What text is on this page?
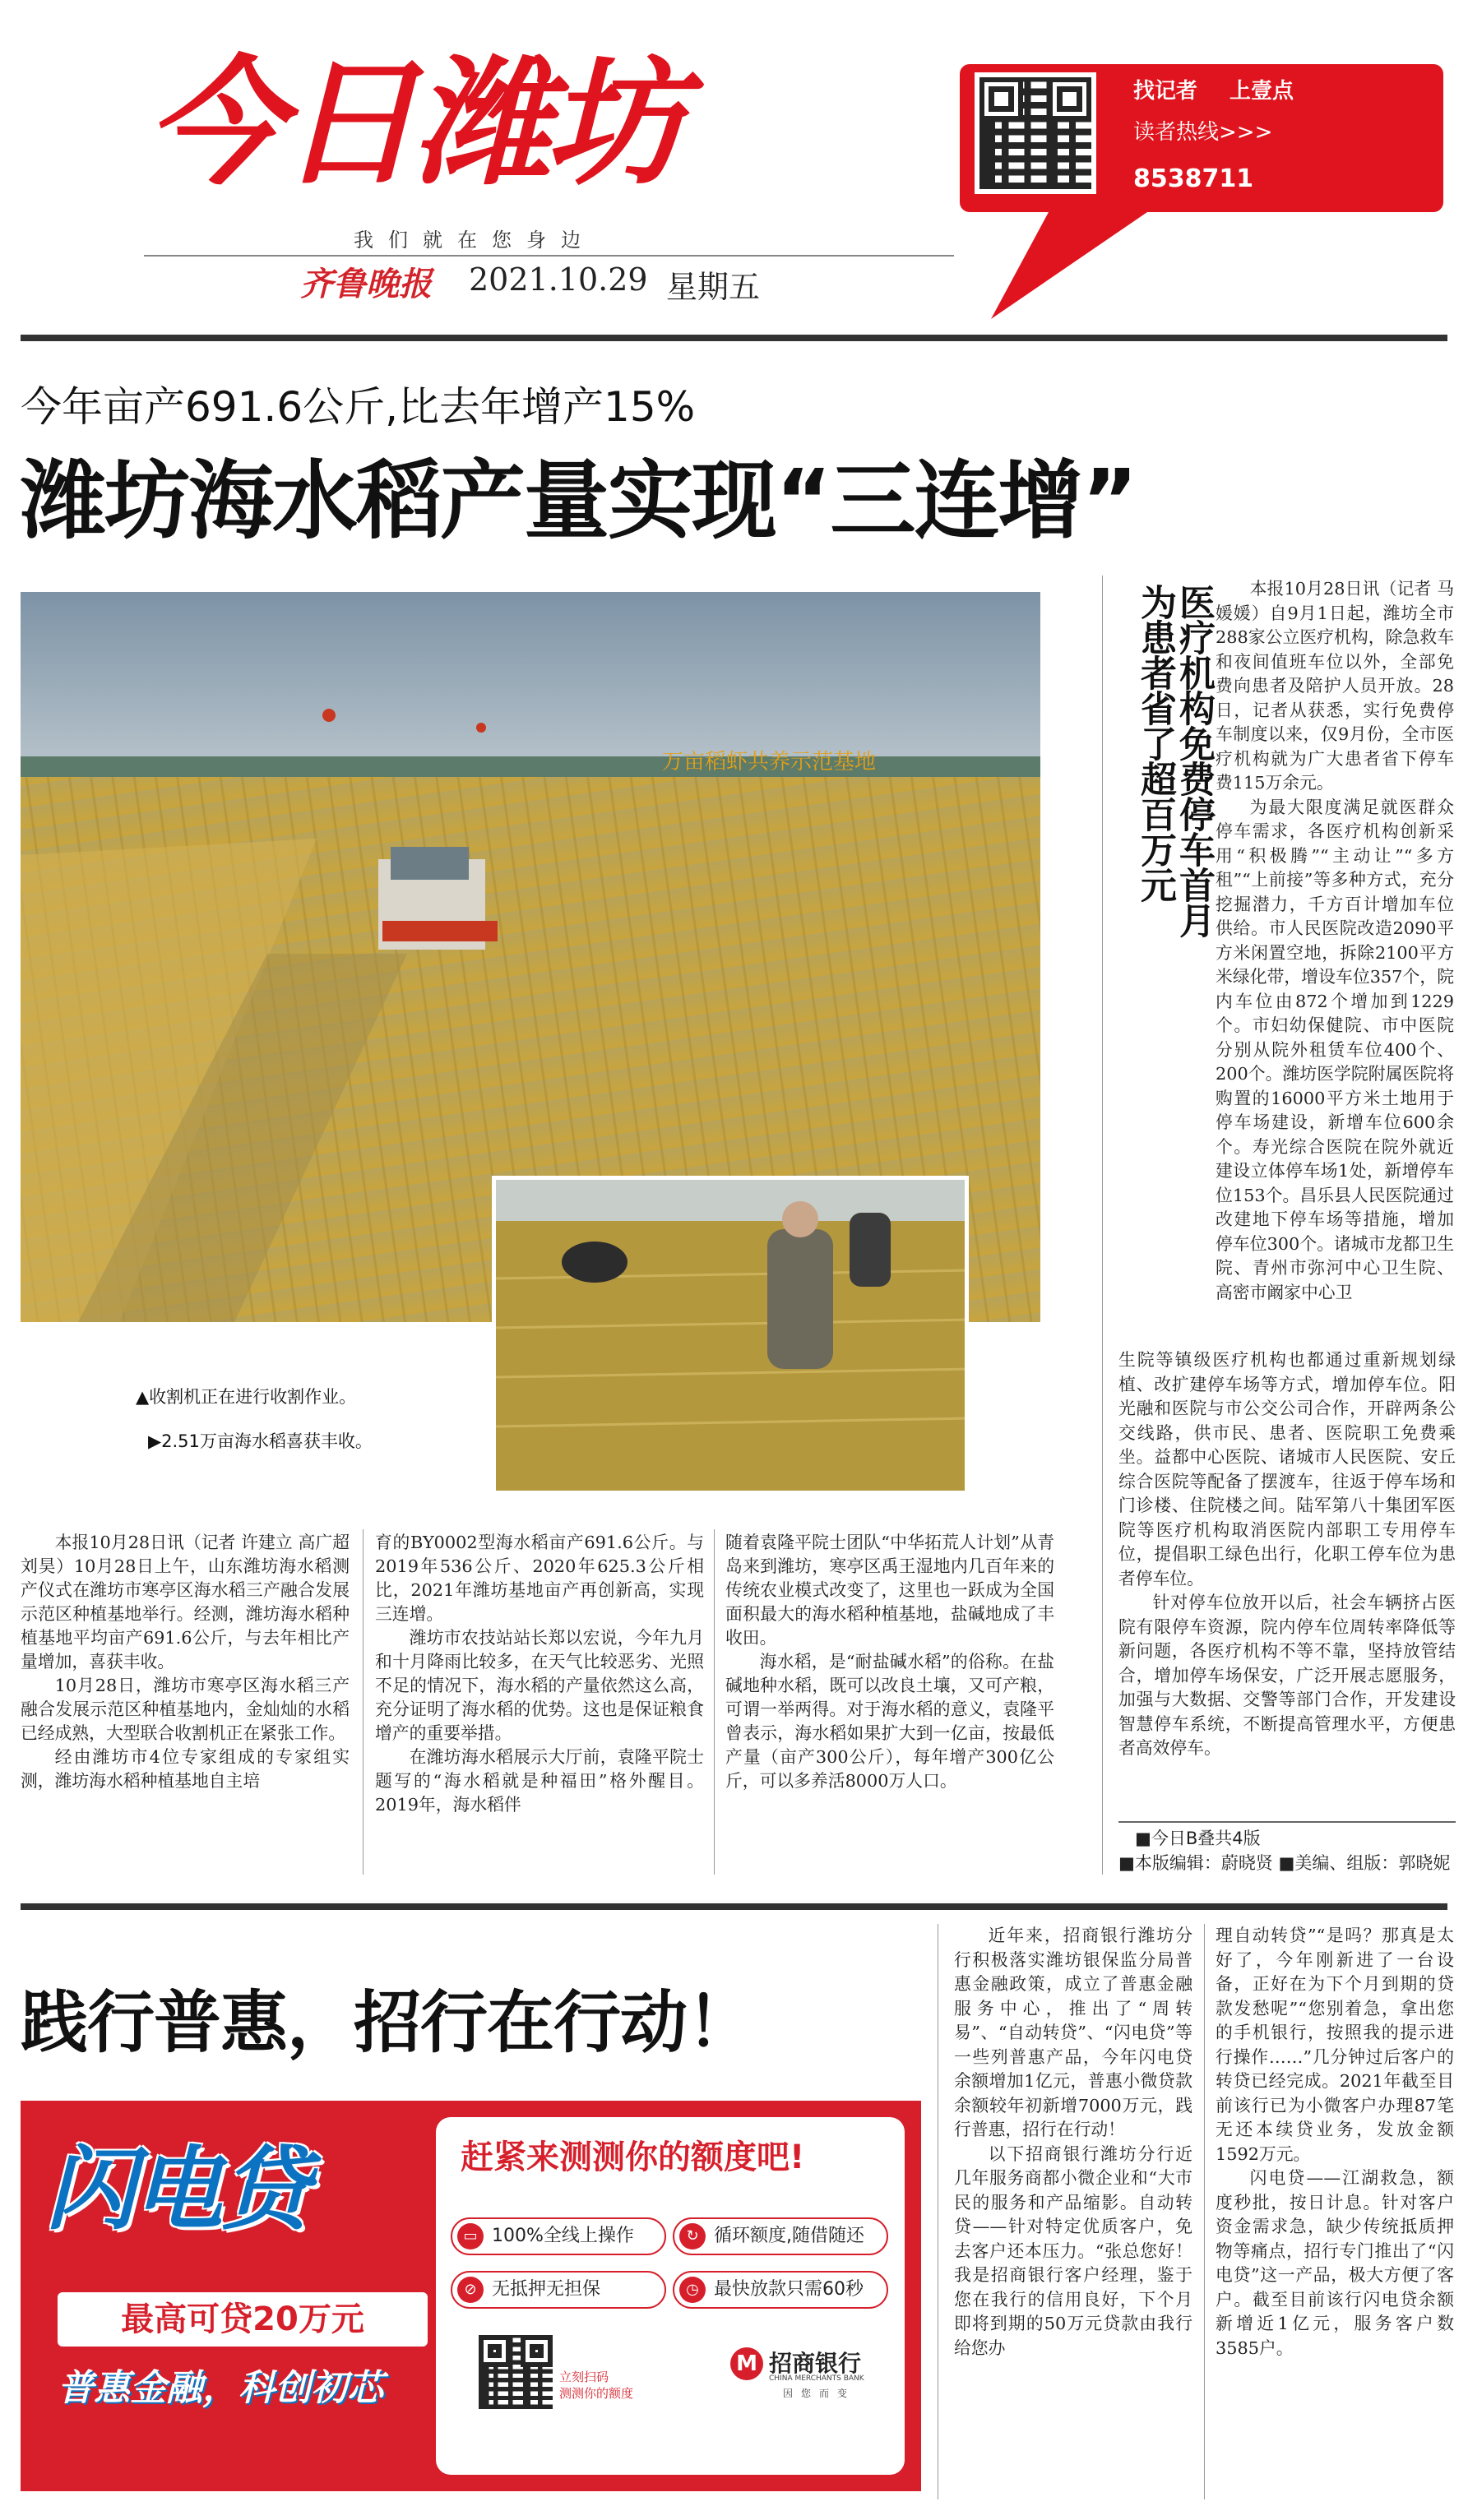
今日潍坊
我们就在您身边
齐鲁晚报 2021.10.29 星期五
找记者 上壹点
读者热线>>>
8538711
今年亩产691.6公斤,比去年增产15%
潍坊海水稻产量实现“三连增”
万亩稻虾共养示范基地
▲收割机正在进行收割作业。
▶2.51万亩海水稻喜获丰收。
医疗机构免费停车首月
为患者省了超百万元	本报10月28日讯（记者 马媛媛）自9月1日起，潍坊全市288家公立医疗机构，除急救车和夜间值班车位以外，全部免费向患者及陪护人员开放。28日，记者从获悉，实行免费停车制度以来，仅9月份，全市医疗机构就为广大患者省下停车费115万余元。

为最大限度满足就医群众停车需求，各医疗机构创新采用“积极腾”“主动让”“多方租”“上前接”等多种方式，充分挖掘潜力，千方百计增加车位供给。市人民医院改造2090平方米闲置空地，拆除2100平方米绿化带，增设车位357个，院内车位由872个增加到1229个。市妇幼保健院、市中医院分别从院外租赁车位400个、200个。潍坊医学院附属医院将购置的16000平方米土地用于停车场建设，新增车位600余个。寿光综合医院在院外就近建设立体停车场1处，新增停车位153个。昌乐县人民医院通过改建地下停车场等措施，增加停车位300个。诸城市龙都卫生院、青州市弥河中心卫生院、高密市阚家中心卫

生院等镇级医疗机构也都通过重新规划绿植、改扩建停车场等方式，增加停车位。阳光融和医院与市公交公司合作，开辟两条公交线路，供市民、患者、医院职工免费乘坐。益都中心医院、诸城市人民医院、安丘综合医院等配备了摆渡车，往返于停车场和门诊楼、住院楼之间。陆军第八十集团军医院等医疗机构取消医院内部职工专用停车位，提倡职工绿色出行，化职工停车位为患者停车位。

针对停车位放开以后，社会车辆挤占医院有限停车资源，院内停车位周转率降低等新问题，各医疗机构不等不靠，坚持放管结合，增加停车场保安，广泛开展志愿服务，加强与大数据、交警等部门合作，开发建设智慧停车系统，不断提高管理水平，方便患者高效停车。

■今日B叠共4版
■本版编辑：蔚晓贤 ■美编、组版：郭晓妮

本报10月28日讯（记者 许建立 高广超 刘昊）10月28日上午，山东潍坊海水稻测产仪式在潍坊市寒亭区海水稻三产融合发展示范区种植基地举行。经测，潍坊海水稻种植基地平均亩产691.6公斤，与去年相比产量增加，喜获丰收。

10月28日，潍坊市寒亭区海水稻三产融合发展示范区种植基地内，金灿灿的水稻已经成熟，大型联合收割机正在紧张工作。

经由潍坊市4位专家组成的专家组实测，潍坊海水稻种植基地自主培

育的BY0002型海水稻亩产691.6公斤。与2019年536公斤、2020年625.3公斤相比，2021年潍坊基地亩产再创新高，实现三连增。

潍坊市农技站站长郑以宏说，今年九月和十月降雨比较多，在天气比较恶劣、光照不足的情况下，海水稻的产量依然这么高，充分证明了海水稻的优势。这也是保证粮食增产的重要举措。

在潍坊海水稻展示大厅前，袁隆平院士题写的“海水稻就是种福田”格外醒目。2019年，海水稻伴

随着袁隆平院士团队“中华拓荒人计划”从青岛来到潍坊，寒亭区禹王湿地内几百年来的传统农业模式改变了，这里也一跃成为全国面积最大的海水稻种植基地，盐碱地成了丰收田。

海水稻，是“耐盐碱水稻”的俗称。在盐碱地种水稻，既可以改良土壤，又可产粮，可谓一举两得。对于海水稻的意义，袁隆平曾表示，海水稻如果扩大到一亿亩，按最低产量（亩产300公斤），每年增产300亿公斤，可以多养活8000万人口。

践行普惠，招行在行动！
闪电贷
最高可贷20万元
普惠金融，科创初芯
赶紧来测测你的额度吧!
▭ 100%全线上操作	↻ 循环额度,随借随还
⊘ 无抵押无担保	◷ 最快放款只需60秒
立刻扫码
测测你的额度
M 招商银行
CHINA MERCHANTS BANK
因您而变

近年来，招商银行潍坊分行积极落实潍坊银保监分局普惠金融政策，成立了普惠金融服务中心，推出了“周转易”、“自动转贷”、“闪电贷”等一些列普惠产品，今年闪电贷余额增加1亿元，普惠小微贷款余额较年初新增7000万元，践行普惠，招行在行动！

以下招商银行潍坊分行近几年服务商都小微企业和“大市民的服务和产品缩影。自动转贷——针对特定优质客户，免去客户还本压力。“张总您好！我是招商银行客户经理，鉴于您在我行的信用良好，下个月即将到期的50万元贷款由我行给您办

理自动转贷”“是吗？那真是太好了，今年刚新进了一台设备，正好在为下个月到期的贷款发愁呢”“您别着急，拿出您的手机银行，按照我的提示进行操作……”几分钟过后客户的转贷已经完成。2021年截至目前该行已为小微客户办理87笔无还本续贷业务，发放金额1592万元。

闪电贷——江湖救急，额度秒批，按日计息。针对客户资金需求急，缺少传统抵质押物等痛点，招行专门推出了“闪电贷”这一产品，极大方便了客户。截至目前该行闪电贷余额新增近1亿元，服务客户数3585户。
